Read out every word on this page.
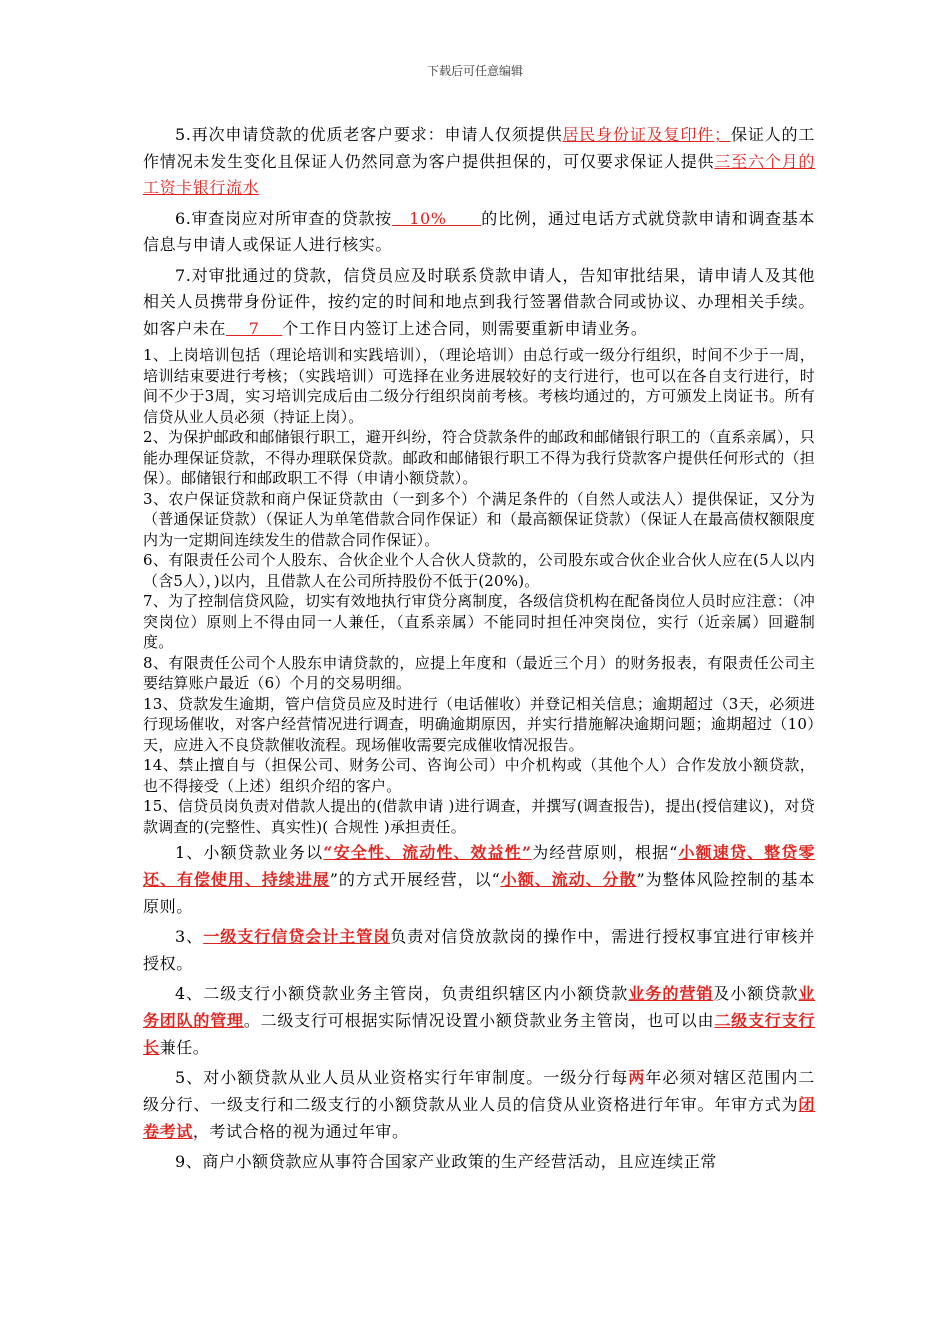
下载后可任意编辑

5.再次申请贷款的优质老客户要求：申请人仅须提供居民身份证及复印件；保证人的工作情况未发生变化且保证人仍然同意为客户提供担保的，可仅要求保证人提供三至六个月的工资卡银行流水

6.审查岗应对所审查的贷款按   10%      的比例，通过电话方式就贷款申请和调查基本信息与申请人或保证人进行核实。

7.对审批通过的贷款，信贷员应及时联系贷款申请人，告知审批结果，请申请人及其他相关人员携带身份证件，按约定的时间和地点到我行签署借款合同或协议、办理相关手续。如客户未在    7    个工作日内签订上述合同，则需要重新申请业务。

1、上岗培训包括（理论培训和实践培训），（理论培训）由总行或一级分行组织，时间不少于一周，培训结束要进行考核；（实践培训）可选择在业务进展较好的支行进行，也可以在各自支行进行，时间不少于3周，实习培训完成后由二级分行组织岗前考核。考核均通过的，方可颁发上岗证书。所有信贷从业人员必须（持证上岗）。

2、为保护邮政和邮储银行职工，避开纠纷，符合贷款条件的邮政和邮储银行职工的（直系亲属），只能办理保证贷款，不得办理联保贷款。邮政和邮储银行职工不得为我行贷款客户提供任何形式的（担保）。邮储银行和邮政职工不得（申请小额贷款）。

3、农户保证贷款和商户保证贷款由（一到多个）个满足条件的（自然人或法人）提供保证，又分为（普通保证贷款）（保证人为单笔借款合同作保证）和（最高额保证贷款）（保证人在最高债权额限度内为一定期间连续发生的借款合同作保证）。

6、有限责任公司个人股东、合伙企业个人合伙人贷款的，公司股东或合伙企业合伙人应在(5人以内（含5人），)以内，且借款人在公司所持股份不低于(20%)。

7、为了控制信贷风险，切实有效地执行审贷分离制度，各级信贷机构在配备岗位人员时应注意：（冲突岗位）原则上不得由同一人兼任，（直系亲属）不能同时担任冲突岗位，实行（近亲属）回避制度。

8、有限责任公司个人股东申请贷款的，应提上年度和（最近三个月）的财务报表，有限责任公司主要结算账户最近（6）个月的交易明细。

13、贷款发生逾期，管户信贷员应及时进行（电话催收）并登记相关信息；逾期超过（3天，必须进行现场催收，对客户经营情况进行调查，明确逾期原因，并实行措施解决逾期问题；逾期超过（10）天，应进入不良贷款催收流程。现场催收需要完成催收情况报告。

14、禁止擅自与（担保公司、财务公司、咨询公司）中介机构或（其他个人）合作发放小额贷款，也不得接受（上述）组织介绍的客户。

15、信贷员岗负责对借款人提出的(借款申请 )进行调查，并撰写(调查报告)，提出(授信建议)，对贷款调查的(完整性、真实性)( 合规性 )承担责任。

1、小额贷款业务以“安全性、流动性、效益性”为经营原则，根据“小额速贷、整贷零还、有偿使用、持续进展”的方式开展经营，以“小额、流动、分散”为整体风险控制的基本原则。

3、一级支行信贷会计主管岗负责对信贷放款岗的操作中，需进行授权事宜进行审核并授权。

4、二级支行小额贷款业务主管岗，负责组织辖区内小额贷款业务的营销及小额贷款业务团队的管理。二级支行可根据实际情况设置小额贷款业务主管岗，也可以由二级支行支行长兼任。

5、对小额贷款从业人员从业资格实行年审制度。一级分行每两年必须对辖区范围内二级分行、一级支行和二级支行的小额贷款从业人员的信贷从业资格进行年审。年审方式为闭卷考试，考试合格的视为通过年审。

9、商户小额贷款应从事符合国家产业政策的生产经营活动，且应连续正常
